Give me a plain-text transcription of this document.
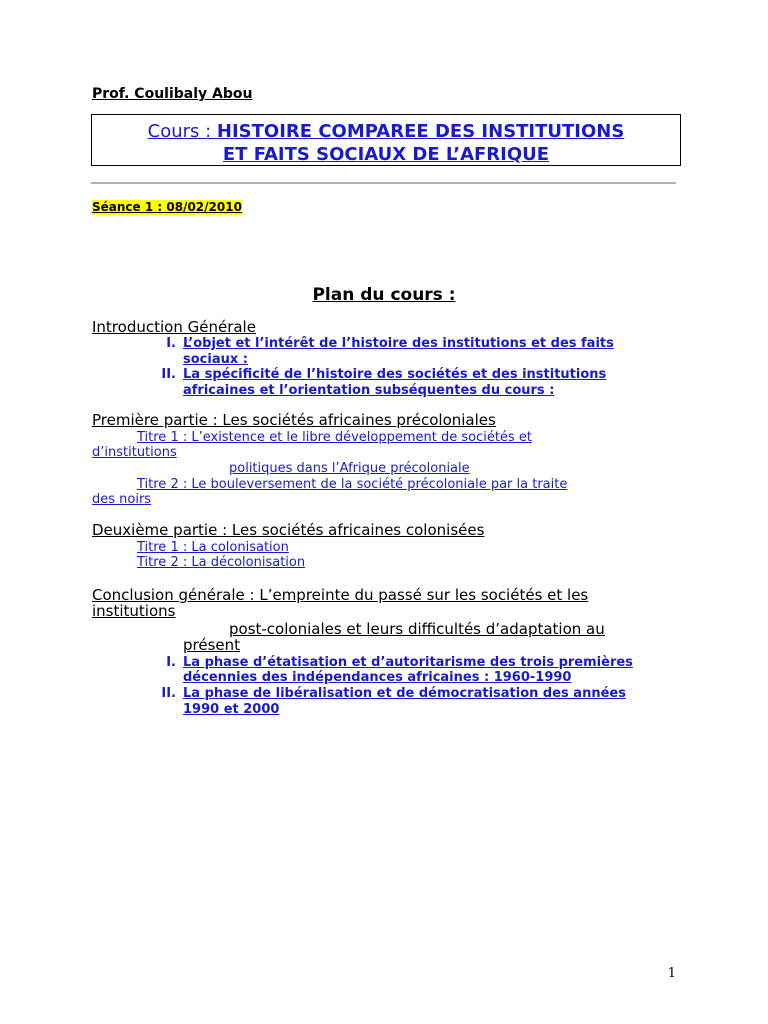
Prof. Coulibaly Abou
Cours : HISTOIRE COMPAREE DES INSTITUTIONS
ET FAITS SOCIAUX DE L’AFRIQUE
Séance 1 : 08/02/2010
Plan du cours :
Introduction Générale
I. L’objet et l’intérêt de l’histoire des institutions et des faits
sociaux :
II. La spécificité de l’histoire des sociétés et des institutions
africaines et l’orientation subséquentes du cours :
Première partie : Les sociétés africaines précoloniales
Titre 1 : L’existence et le libre développement de sociétés et
d’institutions
politiques dans l’Afrique précoloniale
Titre 2 : Le bouleversement de la société précoloniale par la traite
des noirs
Deuxième partie : Les sociétés africaines colonisées
Titre 1 : La colonisation
Titre 2 : La décolonisation
Conclusion générale : L’empreinte du passé sur les sociétés et les
institutions
post-coloniales et leurs difficultés d’adaptation au
présent
I. La phase d’étatisation et d’autoritarisme des trois premières
décennies des indépendances africaines : 1960-1990
II. La phase de libéralisation et de démocratisation des années
1990 et 2000
1
